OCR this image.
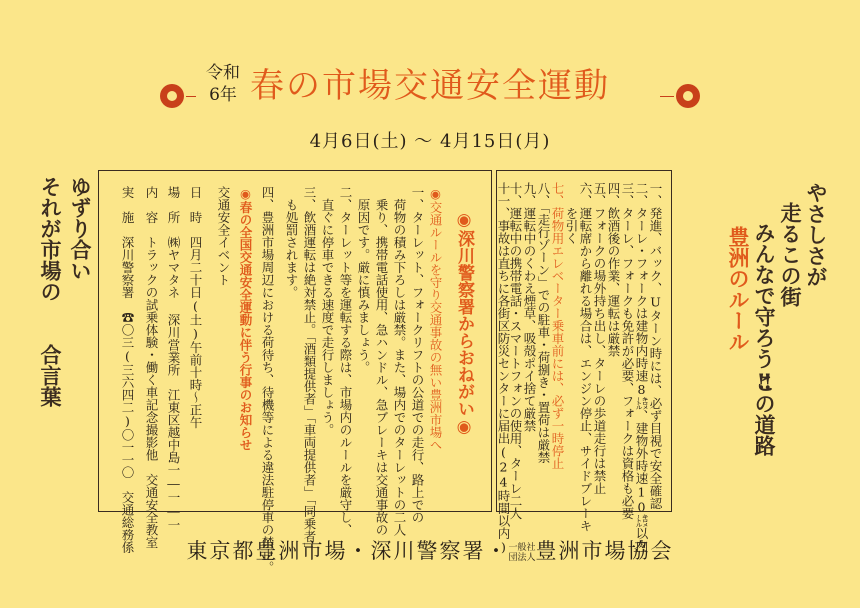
令和
6年 春の市場交通安全運動
4月6日(土) 〜 4月15日(月)
ゆずり合い
それが市場の
合言葉
やさしさが
走るこの街
みんなで守ろう‼
この道路
豊洲のルール
◉深川警察署からおねがい◉
◉交通ルールを守り交通事故の無い豊洲市場へ
一、ターレット、フォークリフトの公道での走行、路上での
　荷物の積み下ろしは厳禁。また、場内でのターレットの二人
　乗り、携帯電話使用、急ハンドル、急ブレーキは交通事故の
　原因です。厳に慎みましょう。
二、ターレット等を運転する際は、市場内のルールを厳守し、
　直ぐに停車できる速度で走行しましょう。
三、飲酒運転は絶対禁止。「酒類提供者」「車両提供者」「同乗者」
　も処罰されます。
四、豊洲市場周辺における荷待ち、待機等による違法駐停車の禁止。
◉春の全国交通安全運動に伴う行事のお知らせ
交通安全イベント
日　時　四月二十日(土)午前十時〜正午
場　所　㈱ヤマタネ 深川営業所　江東区越中島一―一―一
内　容　トラックの試乗体験・働く車記念撮影他　交通安全教室
実　施　深川警察署　☎〇三(三六四二)〇一一〇　交通総務係	一、発進、バック、Uターン時には、必ず目視で安全確認
二、ターレ・フォークは建物内時速8㌖、建物外時速10㌖以内
三、ターレ、フォークも免許が必要、フォークは資格も必要
四、飲酒後の作業、運転は厳禁
五、フォークの場外持ち出し、ターレの歩道走行は禁止
六、運転席から離れる場合は、エンジン停止、サイドブレーキ
　　を引く
七、荷物用エレベーター乗車前には、必ず一時停止
八、「走行ゾーン」での駐車・荷捌き・置荷は厳禁
九、運転中のくわえ煙草、吸殻ポイ捨て厳禁
十、運転中の携帯電話・スマートフォンの使用、ターレ二人
東京都豊洲市場・深川警察署・一般社
団法人豊洲市場協会
十一、事故は直ちに各街区防災センターに届出(24時間以内)
